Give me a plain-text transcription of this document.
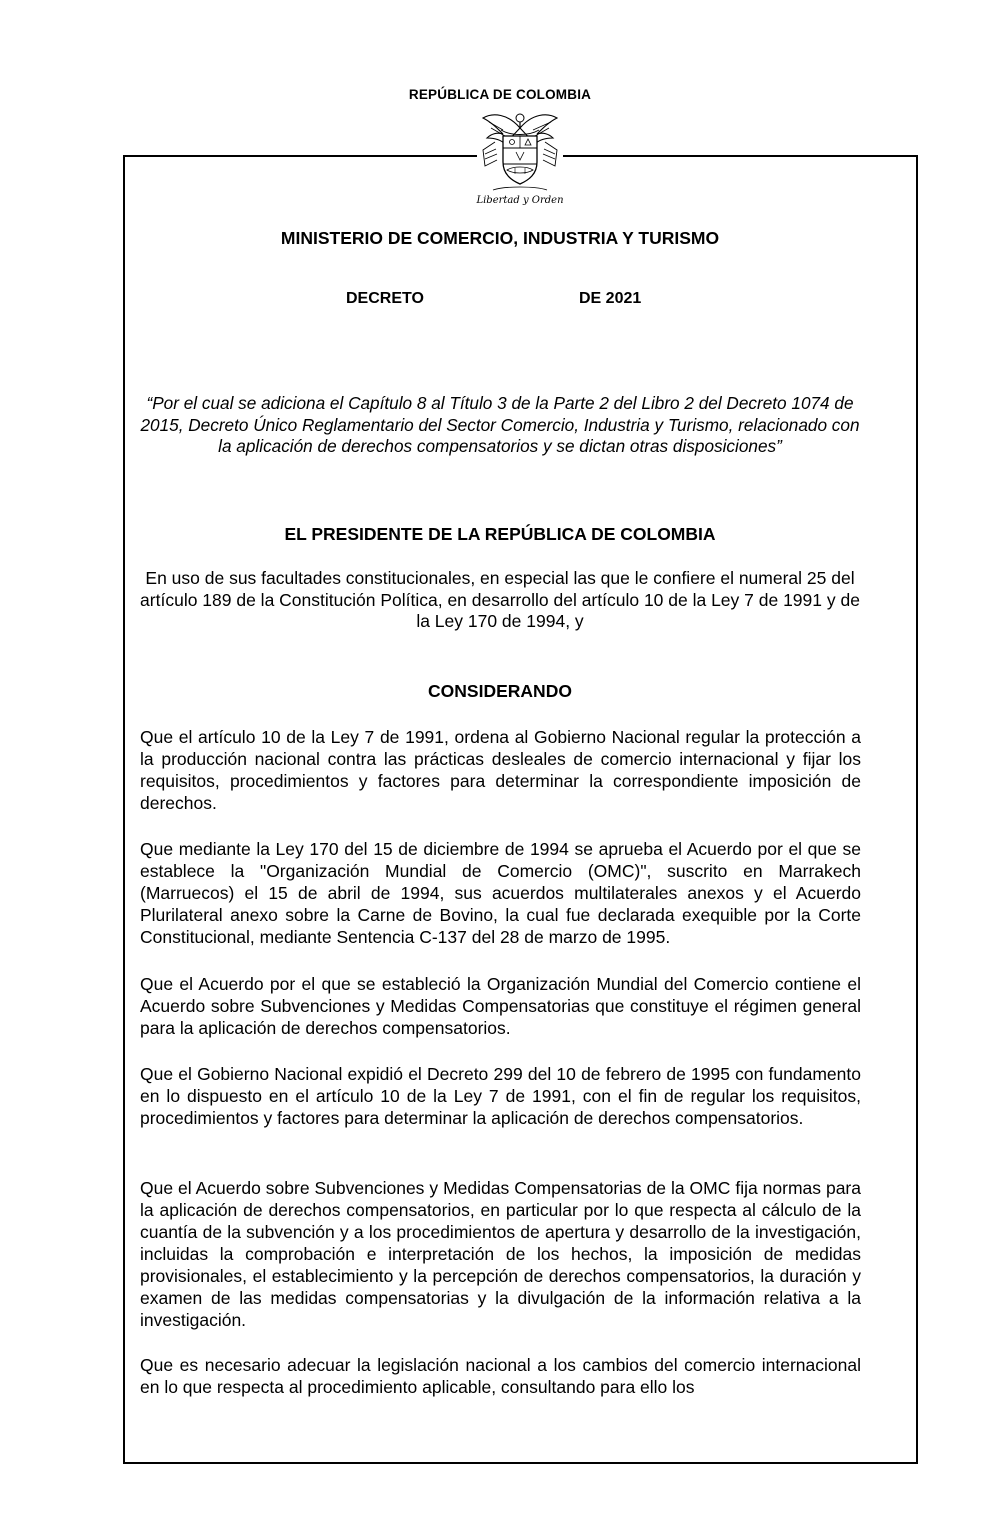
REPÚBLICA DE COLOMBIA
Libertad y Orden
MINISTERIO DE COMERCIO, INDUSTRIA Y TURISMO
DECRETO	DE 2021
“Por el cual se adiciona el Capítulo 8 al Título 3 de la Parte 2 del Libro 2 del Decreto 1074 de 2015, Decreto Único Reglamentario del Sector Comercio, Industria y Turismo, relacionado con la aplicación de derechos compensatorios y se dictan otras disposiciones”
EL PRESIDENTE DE LA REPÚBLICA DE COLOMBIA
En uso de sus facultades constitucionales, en especial las que le confiere el numeral 25 del artículo 189 de la Constitución Política, en desarrollo del artículo 10 de la Ley 7 de 1991 y de la Ley 170 de 1994, y
CONSIDERANDO
Que el artículo 10 de la Ley 7 de 1991, ordena al Gobierno Nacional regular la protección a la producción nacional contra las prácticas desleales de comercio internacional y fijar los requisitos, procedimientos y factores para determinar la correspondiente imposición de derechos.
Que mediante la Ley 170 del 15 de diciembre de 1994 se aprueba el Acuerdo por el que se establece la "Organización Mundial de Comercio (OMC)", suscrito en Marrakech (Marruecos) el 15 de abril de 1994, sus acuerdos multilaterales anexos y el Acuerdo Plurilateral anexo sobre la Carne de Bovino, la cual fue declarada exequible por la Corte Constitucional, mediante Sentencia C-137 del 28 de marzo de 1995.
Que el Acuerdo por el que se estableció la Organización Mundial del Comercio contiene el Acuerdo sobre Subvenciones y Medidas Compensatorias que constituye el régimen general para la aplicación de derechos compensatorios.
Que el Gobierno Nacional expidió el Decreto 299 del 10 de febrero de 1995 con fundamento en lo dispuesto en el artículo 10 de la Ley 7 de 1991, con el fin de regular los requisitos, procedimientos y factores para determinar la aplicación de derechos compensatorios.
Que el Acuerdo sobre Subvenciones y Medidas Compensatorias de la OMC fija normas para la aplicación de derechos compensatorios, en particular por lo que respecta al cálculo de la cuantía de la subvención y a los procedimientos de apertura y desarrollo de la investigación, incluidas la comprobación e interpretación de los hechos, la imposición de medidas provisionales, el establecimiento y la percepción de derechos compensatorios, la duración y examen de las medidas compensatorias y la divulgación de la información relativa a la investigación.
Que es necesario adecuar la legislación nacional a los cambios del comercio internacional en lo que respecta al procedimiento aplicable, consultando para ello los
